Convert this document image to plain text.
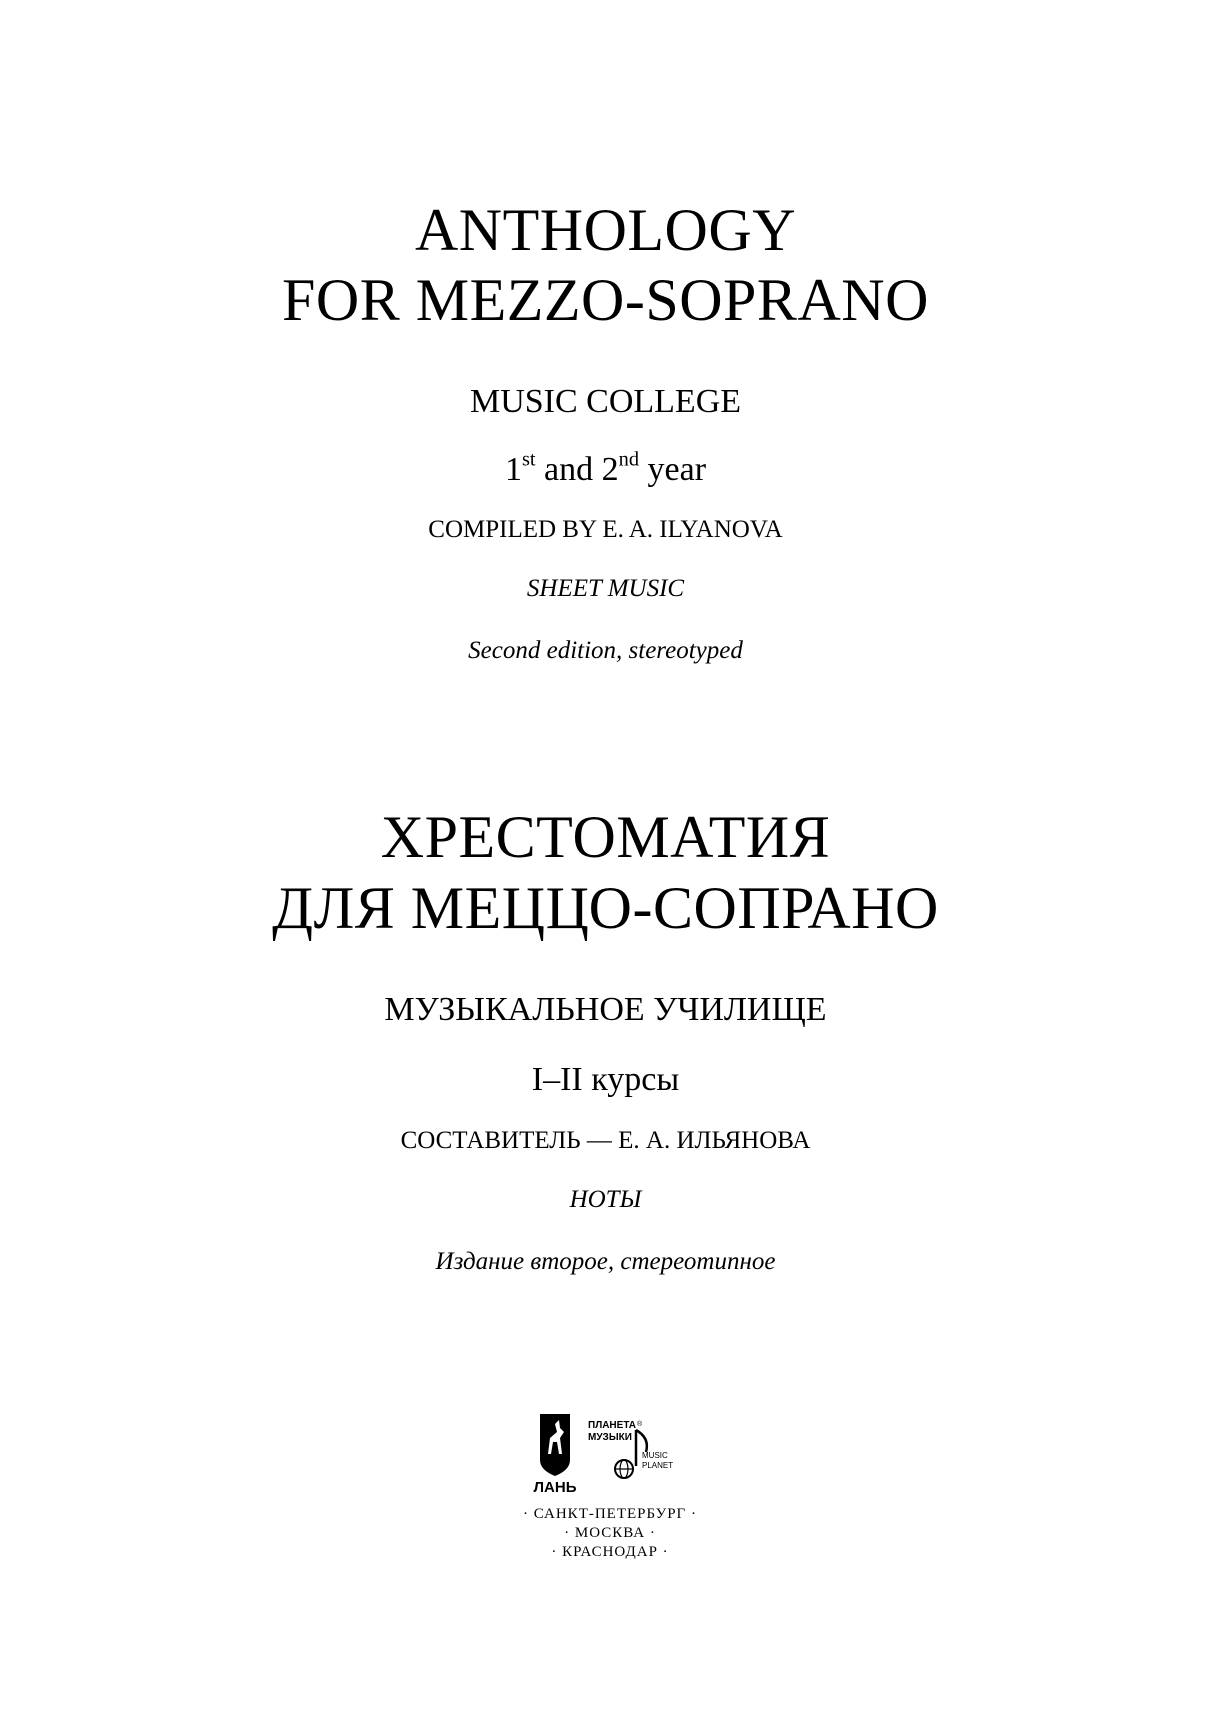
ANTHOLOGY
FOR MEZZO-SOPRANO
MUSIC COLLEGE
1st and 2nd year
COMPILED BY E. A. ILYANOVA
SHEET MUSIC
Second edition, stereotyped
ХРЕСТОМАТИЯ
ДЛЯ МЕЦЦО-СОПРАНО
МУЗЫКАЛЬНОЕ УЧИЛИЩЕ
I–II курсы
СОСТАВИТЕЛЬ — Е. А. ИЛЬЯНОВА
НОТЫ
Издание второе, стереотипное
ЛАНЬ
ПЛАНЕТА
МУЗЫКИ
®
MUSIC
PLANET
· САНКТ-ПЕТЕРБУРГ ·
· МОСКВА ·
· КРАСНОДАР ·
